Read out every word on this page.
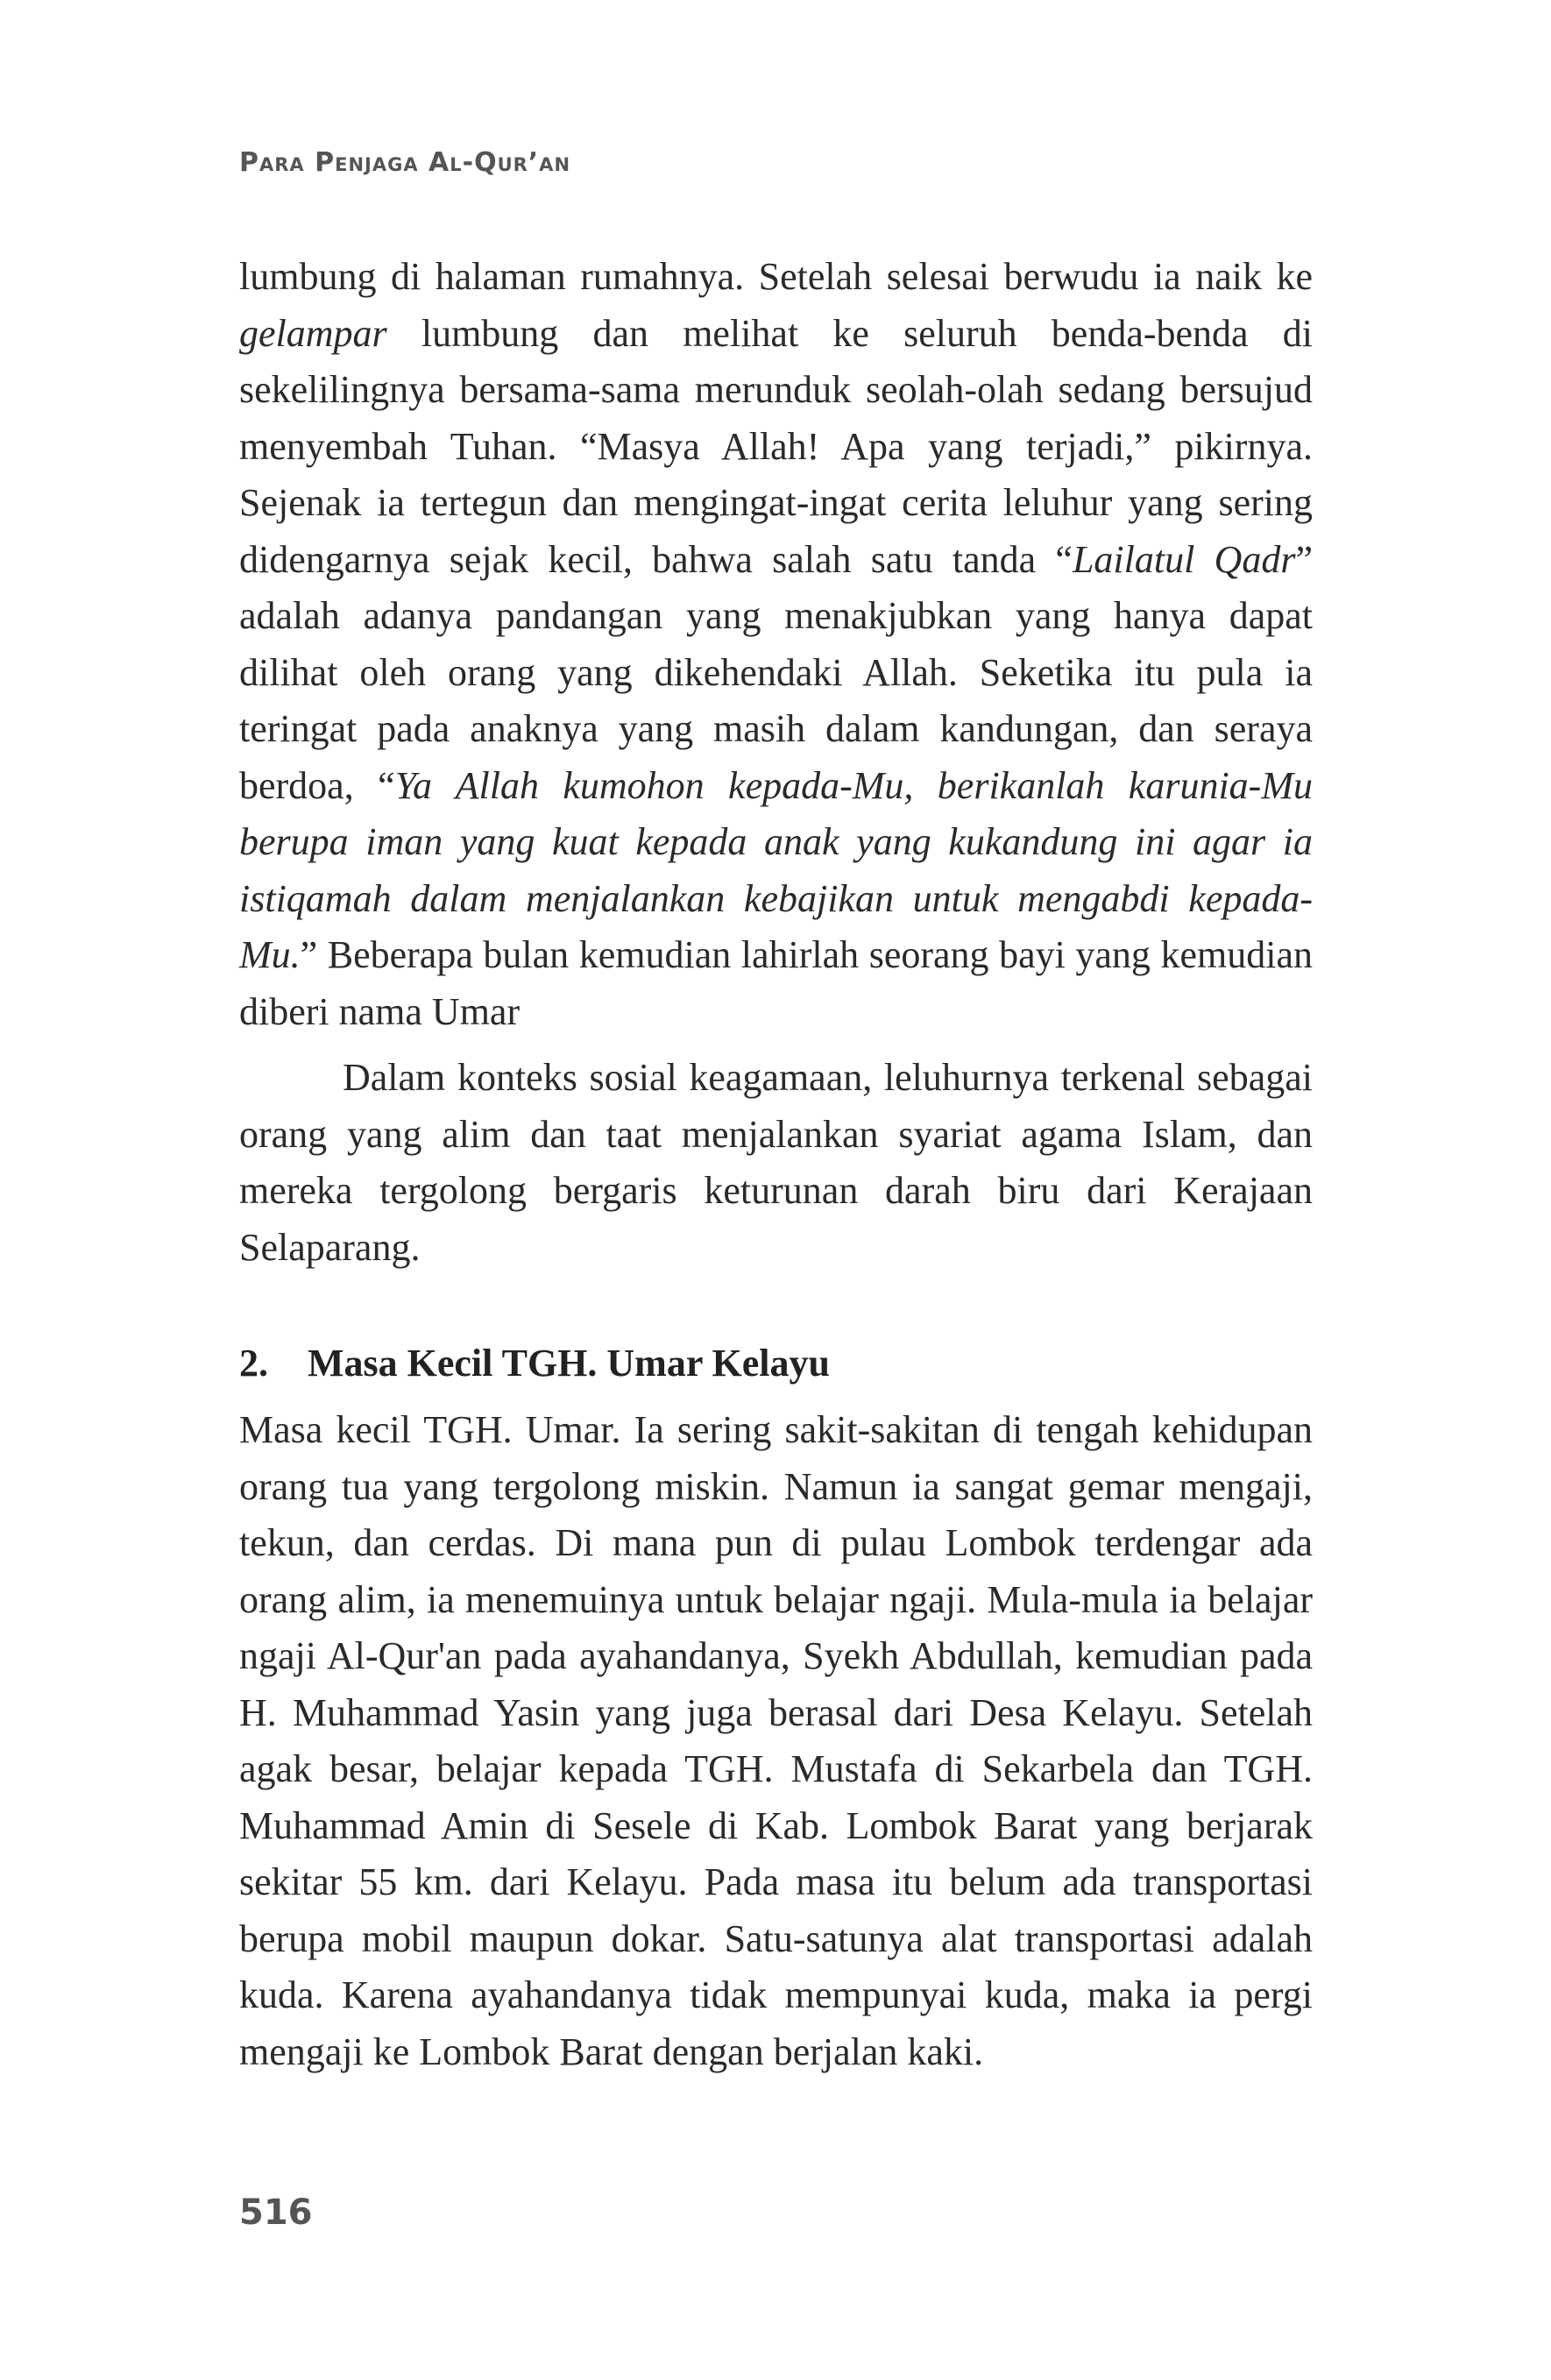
Para Penjaga Al-Qur’an

lumbung di halaman rumahnya. Setelah selesai berwudu ia naik ke gelampar lumbung dan melihat ke seluruh benda-benda di sekelilingnya bersama-sama merunduk seolah-olah sedang bersujud menyembah Tuhan. “Masya Allah! Apa yang terjadi,” pikirnya. Sejenak ia tertegun dan mengingat-ingat cerita leluhur yang sering didengarnya sejak kecil, bahwa salah satu tanda “Lailatul Qadr” adalah adanya pandangan yang menakjubkan yang hanya dapat dilihat oleh orang yang dikehendaki Allah. Seketika itu pula ia teringat pada anaknya yang masih dalam kandungan, dan seraya berdoa, “Ya Allah kumohon kepada-Mu, berikanlah karunia-Mu berupa iman yang kuat kepada anak yang kukandung ini agar ia istiqamah dalam menjalankan kebajikan untuk mengabdi kepada-Mu.” Beberapa bulan kemudian lahirlah seorang bayi yang kemudian diberi nama Umar

Dalam konteks sosial keagamaan, leluhurnya terkenal sebagai orang yang alim dan taat menjalankan syariat agama Islam, dan mereka tergolong bergaris keturunan darah biru dari Kerajaan Selaparang.

2. Masa Kecil TGH. Umar Kelayu

Masa kecil TGH. Umar. Ia sering sakit-sakitan di tengah kehidupan orang tua yang tergolong miskin. Namun ia sangat gemar mengaji, tekun, dan cerdas. Di mana pun di pulau Lombok terdengar ada orang alim, ia menemuinya untuk belajar ngaji. Mula-mula ia belajar ngaji Al-Qur'an pada ayahandanya, Syekh Abdullah, kemudian pada H. Muhammad Yasin yang juga berasal dari Desa Kelayu. Setelah agak besar, belajar kepada TGH. Mustafa di Sekarbela dan TGH. Muhammad Amin di Sesele di Kab. Lombok Barat yang berjarak sekitar 55 km. dari Kelayu. Pada masa itu belum ada transportasi berupa mobil maupun dokar. Satu-satunya alat transportasi adalah kuda. Karena ayahandanya tidak mempunyai kuda, maka ia pergi mengaji ke Lombok Barat dengan berjalan kaki.

516
